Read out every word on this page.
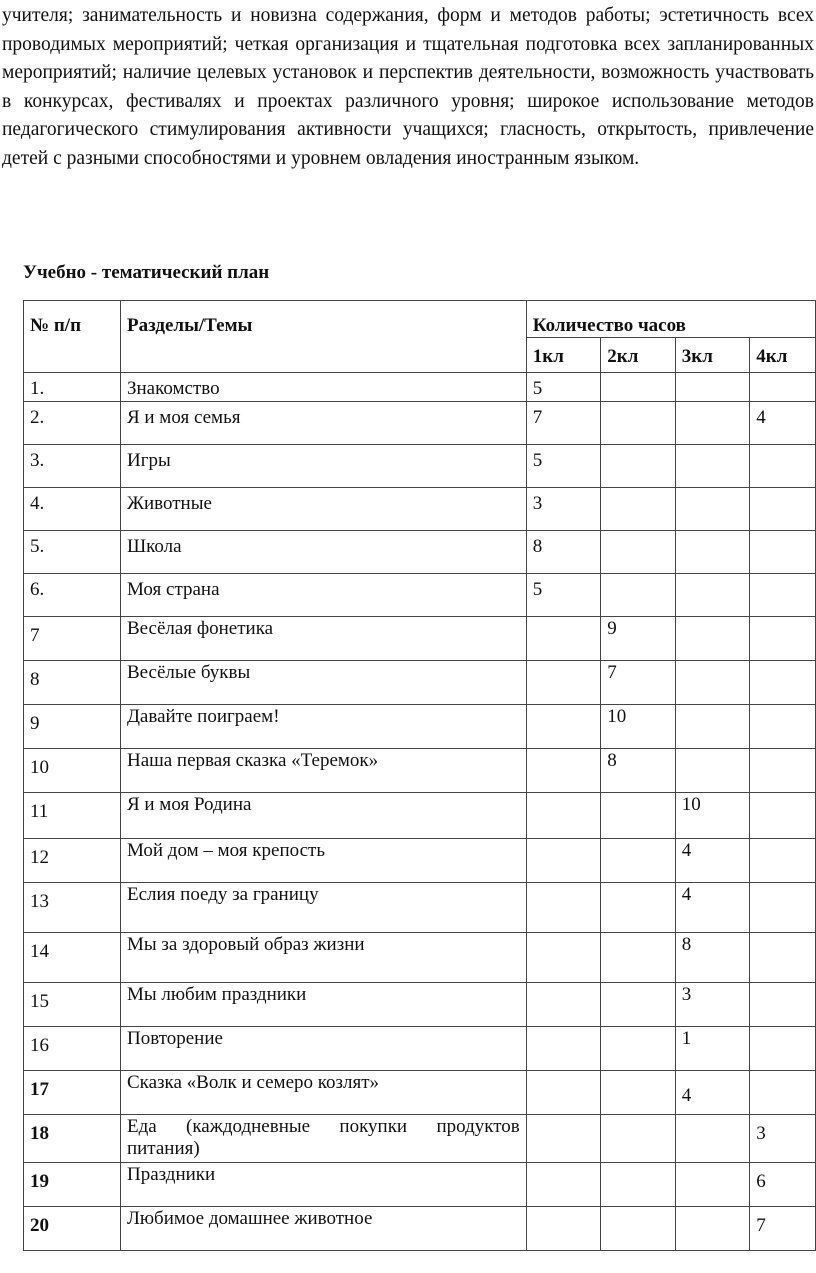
учителя; занимательность и новизна содержания, форм и методов работы; эстетичность всех проводимых мероприятий; четкая организация и тщательная подготовка всех запланированных мероприятий; наличие целевых установок и перспектив деятельности, возможность участвовать в конкурсах, фестивалях и проектах различного уровня; широкое использование методов педагогического стимулирования активности учащихся; гласность, открытость, привлечение детей с разными способностями и уровнем овладения иностранным языком.

Учебно - тематический план

№ п/п	Разделы/Темы	Количество часов			
		1кл	2кл	3кл	4кл
1.	Знакомство	5			
2.	Я и моя семья	7			4
3.	Игры	5			
4.	Животные	3			
5.	Школа	8			
6.	Моя страна	5			
7	Весёлая фонетика		9		
8	Весёлые буквы		7		
9	Давайте поиграем!		10		
10	Наша первая сказка «Теремок»		8		
11	Я и моя Родина			10	
12	Мой дом – моя крепость			4	
13	Еслия поеду за границу			4	
14	Мы за здоровый образ жизни			8	
15	Мы любим праздники			3	
16	Повторение			1	
17	Сказка «Волк и семеро козлят»			4	
18	Еда (каждодневные покупки продуктов
питания)				3
19	Праздники				6
20	Любимое домашнее животное				7
